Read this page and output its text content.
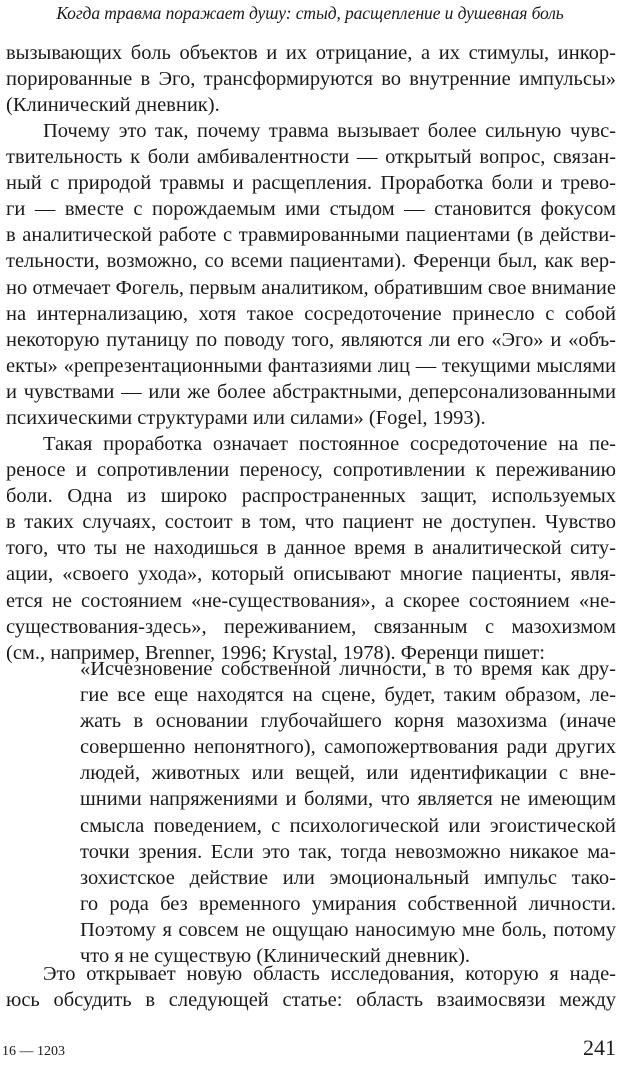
Когда травма поражает душу: стыд, расщепление и душевная боль
вызывающих боль объектов и их отрицание, а их стимулы, инкор-
порированные в Эго, трансформируются во внутренние импульсы»
(Клинический дневник).
Почему это так, почему травма вызывает более сильную чувс-
твительность к боли амбивалентности — открытый вопрос, связан-
ный с природой травмы и расщепления. Проработка боли и трево-
ги — вместе с порождаемым ими стыдом — становится фокусом
в аналитической работе с травмированными пациентами (в действи-
тельности, возможно, со всеми пациентами). Ференци был, как вер-
но отмечает Фогель, первым аналитиком, обратившим свое внимание
на интернализацию, хотя такое сосредоточение принесло с собой
некоторую путаницу по поводу того, являются ли его «Эго» и «объ-
екты» «репрезентационными фантазиями лиц — текущими мыслями
и чувствами — или же более абстрактными, деперсонализованными
психическими структурами или силами» (Fogel, 1993).
Такая проработка означает постоянное сосредоточение на пе-
реносе и сопротивлении переносу, сопротивлении к переживанию
боли. Одна из широко распространенных защит, используемых
в таких случаях, состоит в том, что пациент не доступен. Чувство
того, что ты не находишься в данное время в аналитической ситу-
ации, «своего ухода», который описывают многие пациенты, явля-
ется не состоянием «не-существования», а скорее состоянием «не-
существования-здесь», переживанием, связанным с мазохизмом
(см., например, Brenner, 1996; Krystal, 1978). Ференци пишет:
«Исчезновение собственной личности, в то время как дру-
гие все еще находятся на сцене, будет, таким образом, ле-
жать в основании глубочайшего корня мазохизма (иначе
совершенно непонятного), самопожертвования ради других
людей, животных или вещей, или идентификации с вне-
шними напряжениями и болями, что является не имеющим
смысла поведением, с психологической или эгоистической
точки зрения. Если это так, тогда невозможно никакое ма-
зохистское действие или эмоциональный импульс тако-
го рода без временного умирания собственной личности.
Поэтому я совсем не ощущаю наносимую мне боль, потому
что я не существую (Клинический дневник).
Это открывает новую область исследования, которую я наде-
юсь обсудить в следующей статье: область взаимосвязи между
16 — 1203	241
